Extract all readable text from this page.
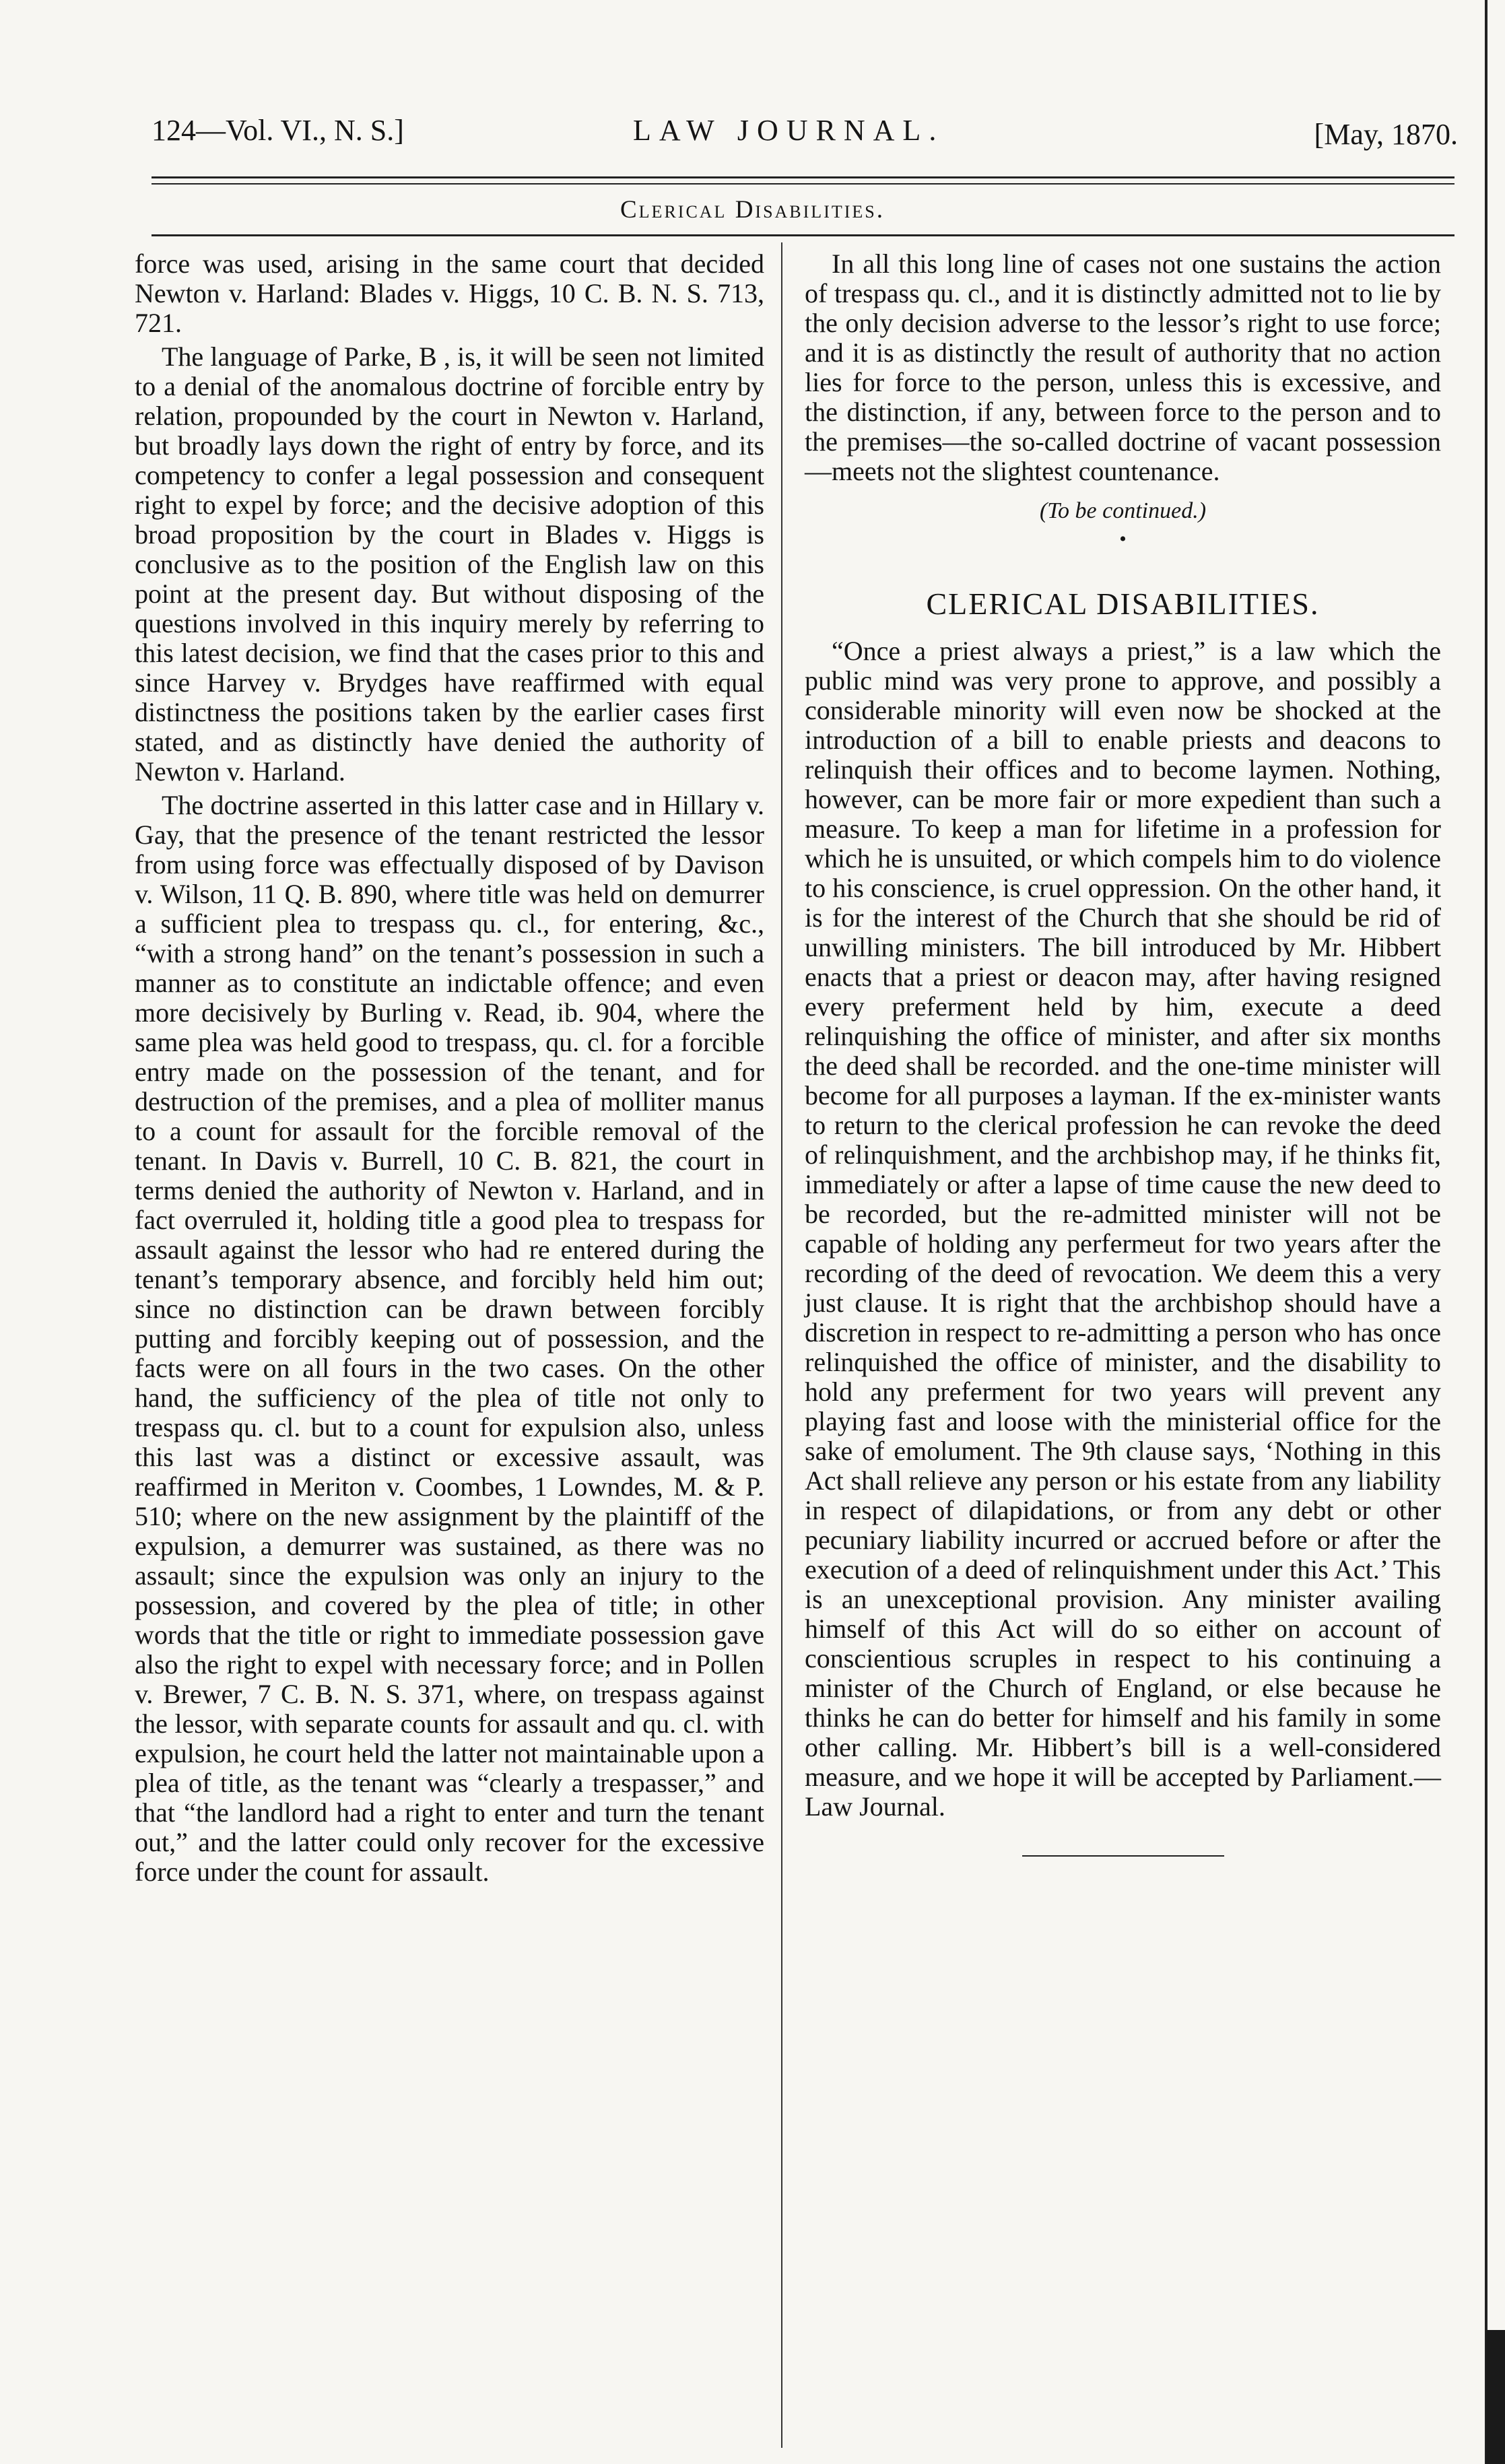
124—Vol. VI., N. S.]	LAW JOURNAL.	[May, 1870.
Clerical Disabilities.

force was used, arising in the same court that decided Newton v. Harland: Blades v. Higgs, 10 C. B. N. S. 713, 721.

The language of Parke, B , is, it will be seen not limited to a denial of the anomalous doctrine of forcible entry by relation, propounded by the court in Newton v. Harland, but broadly lays down the right of entry by force, and its competency to confer a legal possession and consequent right to expel by force; and the decisive adoption of this broad proposition by the court in Blades v. Higgs is conclusive as to the position of the English law on this point at the present day. But without disposing of the questions involved in this inquiry merely by referring to this latest decision, we find that the cases prior to this and since Harvey v. Brydges have reaffirmed with equal distinctness the positions taken by the earlier cases first stated, and as distinctly have denied the authority of Newton v. Harland.

The doctrine asserted in this latter case and in Hillary v. Gay, that the presence of the tenant restricted the lessor from using force was effectually disposed of by Davison v. Wilson, 11 Q. B. 890, where title was held on demurrer a sufficient plea to trespass qu. cl., for entering, &c., “with a strong hand” on the tenant’s possession in such a manner as to constitute an indictable offence; and even more decisively by Burling v. Read, ib. 904, where the same plea was held good to trespass, qu. cl. for a forcible entry made on the possession of the tenant, and for destruction of the premises, and a plea of molliter manus to a count for assault for the forcible removal of the tenant. In Davis v. Burrell, 10 C. B. 821, the court in terms denied the authority of Newton v. Harland, and in fact overruled it, holding title a good plea to trespass for assault against the lessor who had re entered during the tenant’s temporary absence, and forcibly held him out; since no distinction can be drawn between forcibly putting and forcibly keeping out of possession, and the facts were on all fours in the two cases. On the other hand, the sufficiency of the plea of title not only to trespass qu. cl. but to a count for expulsion also, unless this last was a distinct or excessive assault, was reaffirmed in Meriton v. Coombes, 1 Lowndes, M. & P. 510; where on the new assignment by the plaintiff of the expulsion, a demurrer was sustained, as there was no assault; since the expulsion was only an injury to the possession, and covered by the plea of title; in other words that the title or right to immediate possession gave also the right to expel with necessary force; and in Pollen v. Brewer, 7 C. B. N. S. 371, where, on trespass against the lessor, with separate counts for assault and qu. cl. with expulsion, he court held the latter not maintainable upon a plea of title, as the tenant was “clearly a trespasser,” and that “the landlord had a right to enter and turn the tenant out,” and the latter could only recover for the excessive force under the count for assault.

In all this long line of cases not one sustains the action of trespass qu. cl., and it is distinctly admitted not to lie by the only decision adverse to the lessor’s right to use force; and it is as distinctly the result of authority that no action lies for force to the person, unless this is excessive, and the distinction, if any, between force to the person and to the premises—the so-called doctrine of vacant possession—meets not the slightest countenance.

(To be continued.)
•
CLERICAL DISABILITIES.

“Once a priest always a priest,” is a law which the public mind was very prone to approve, and possibly a considerable minority will even now be shocked at the introduction of a bill to enable priests and deacons to relinquish their offices and to become laymen. Nothing, however, can be more fair or more expedient than such a measure. To keep a man for lifetime in a profession for which he is unsuited, or which compels him to do violence to his conscience, is cruel oppression. On the other hand, it is for the interest of the Church that she should be rid of unwilling ministers. The bill introduced by Mr. Hibbert enacts that a priest or deacon may, after having resigned every preferment held by him, execute a deed relinquishing the office of minister, and after six months the deed shall be recorded. and the one-time minister will become for all purposes a layman. If the ex-minister wants to return to the clerical profession he can revoke the deed of relinquishment, and the archbishop may, if he thinks fit, immediately or after a lapse of time cause the new deed to be recorded, but the re-admitted minister will not be capable of holding any perfermeut for two years after the recording of the deed of revocation. We deem this a very just clause. It is right that the archbishop should have a discretion in respect to re-admitting a person who has once relinquished the office of minister, and the disability to hold any preferment for two years will prevent any playing fast and loose with the ministerial office for the sake of emolument. The 9th clause says, ‘Nothing in this Act shall relieve any person or his estate from any liability in respect of dilapidations, or from any debt or other pecuniary liability incurred or accrued before or after the execution of a deed of relinquishment under this Act.’ This is an unexceptional provision. Any minister availing himself of this Act will do so either on account of conscientious scruples in respect to his continuing a minister of the Church of England, or else because he thinks he can do better for himself and his family in some other calling. Mr. Hibbert’s bill is a well-considered measure, and we hope it will be accepted by Parliament.—Law Journal.
